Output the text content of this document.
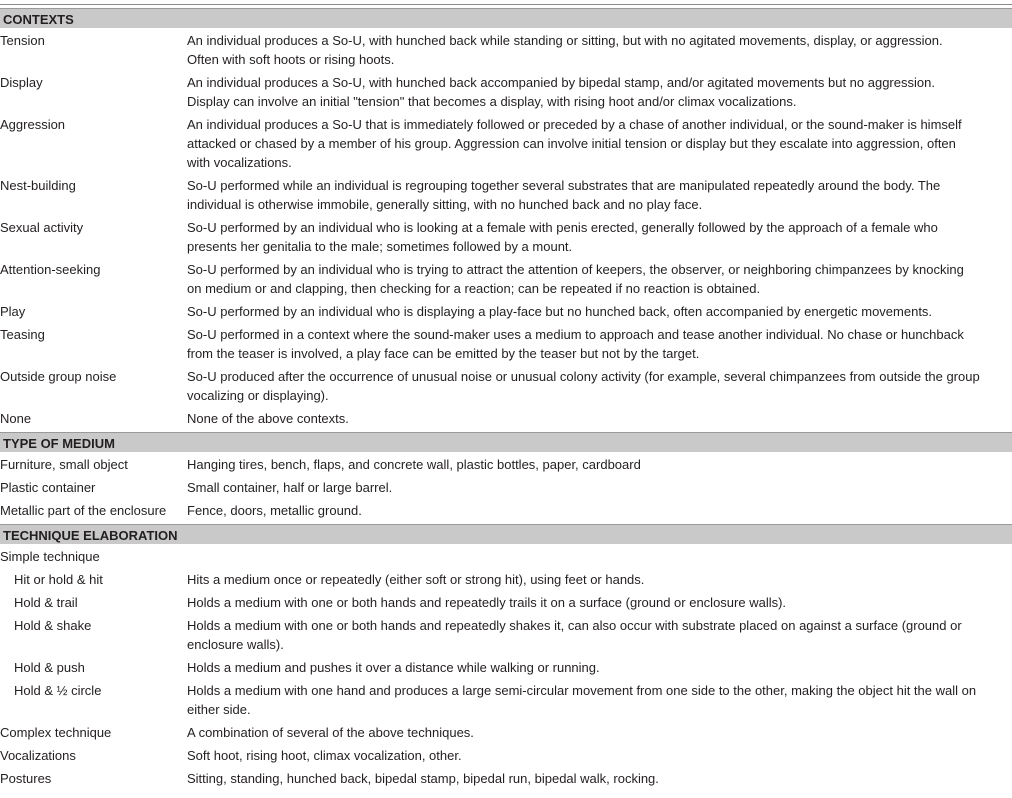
CONTEXTS
Tension	An individual produces a So-U, with hunched back while standing or sitting, but with no agitated movements, display, or aggression.
Often with soft hoots or rising hoots.
Display	An individual produces a So-U, with hunched back accompanied by bipedal stamp, and/or agitated movements but no aggression.
Display can involve an initial "tension" that becomes a display, with rising hoot and/or climax vocalizations.
Aggression	An individual produces a So-U that is immediately followed or preceded by a chase of another individual, or the sound-maker is himself
attacked or chased by a member of his group. Aggression can involve initial tension or display but they escalate into aggression, often
with vocalizations.
Nest-building	So-U performed while an individual is regrouping together several substrates that are manipulated repeatedly around the body. The
individual is otherwise immobile, generally sitting, with no hunched back and no play face.
Sexual activity	So-U performed by an individual who is looking at a female with penis erected, generally followed by the approach of a female who
presents her genitalia to the male; sometimes followed by a mount.
Attention-seeking	So-U performed by an individual who is trying to attract the attention of keepers, the observer, or neighboring chimpanzees by knocking
on medium or and clapping, then checking for a reaction; can be repeated if no reaction is obtained.
Play	So-U performed by an individual who is displaying a play-face but no hunched back, often accompanied by energetic movements.
Teasing	So-U performed in a context where the sound-maker uses a medium to approach and tease another individual. No chase or hunchback
from the teaser is involved, a play face can be emitted by the teaser but not by the target.
Outside group noise	So-U produced after the occurrence of unusual noise or unusual colony activity (for example, several chimpanzees from outside the group
vocalizing or displaying).
None	None of the above contexts.
TYPE OF MEDIUM
Furniture, small object	Hanging tires, bench, flaps, and concrete wall, plastic bottles, paper, cardboard
Plastic container	Small container, half or large barrel.
Metallic part of the enclosure	Fence, doors, metallic ground.
TECHNIQUE ELABORATION
Simple technique
Hit or hold & hit	Hits a medium once or repeatedly (either soft or strong hit), using feet or hands.
Hold & trail	Holds a medium with one or both hands and repeatedly trails it on a surface (ground or enclosure walls).
Hold & shake	Holds a medium with one or both hands and repeatedly shakes it, can also occur with substrate placed on against a surface (ground or
enclosure walls).
Hold & push	Holds a medium and pushes it over a distance while walking or running.
Hold & ½ circle	Holds a medium with one hand and produces a large semi-circular movement from one side to the other, making the object hit the wall on
either side.
Complex technique	A combination of several of the above techniques.
Vocalizations	Soft hoot, rising hoot, climax vocalization, other.
Postures	Sitting, standing, hunched back, bipedal stamp, bipedal run, bipedal walk, rocking.
